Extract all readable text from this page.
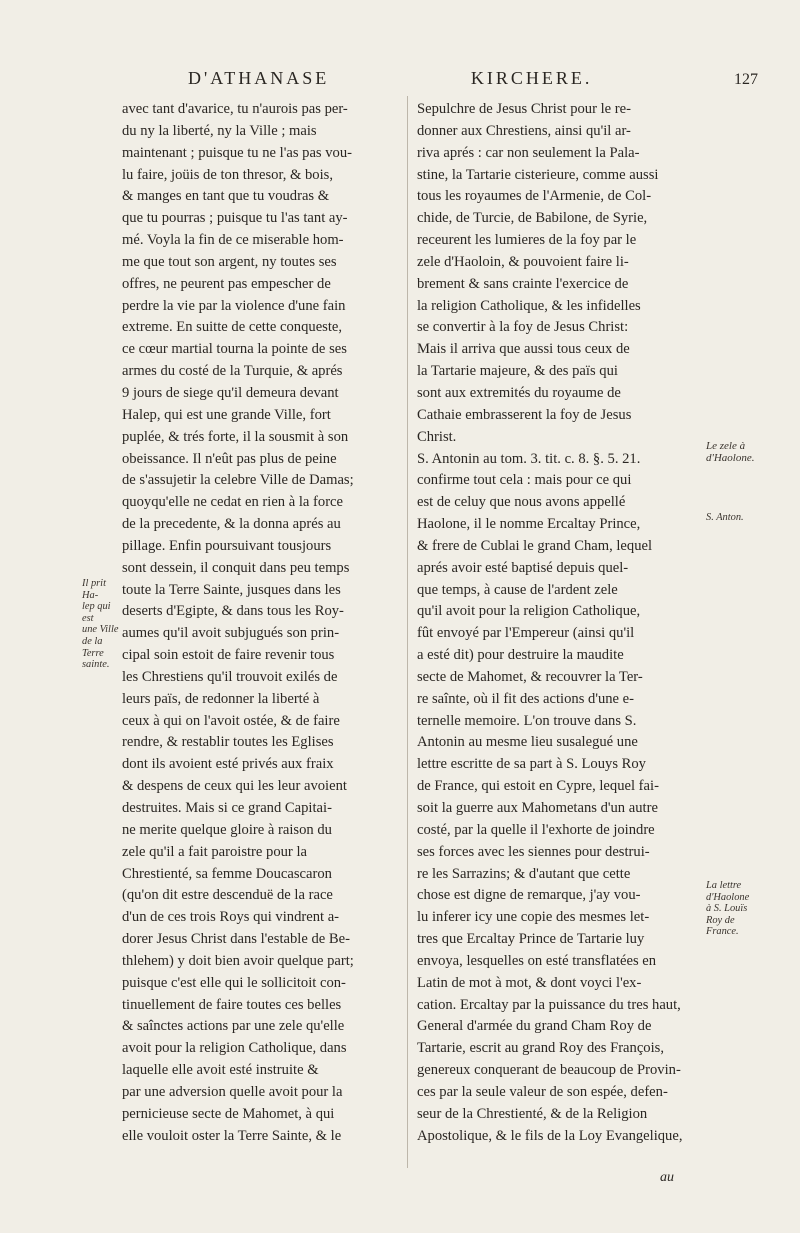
D'ATHANASE	KIRCHERE.	127

avec tant d'avarice, tu n'aurois pas per-
du ny la liberté, ny la Ville ; mais
maintenant ; puisque tu ne l'as pas vou-
lu faire, joüis de ton thresor, & bois,
& manges en tant que tu voudras &
que tu pourras ; puisque tu l'as tant ay-
mé. Voyla la fin de ce miserable hom-
me que tout son argent, ny toutes ses
offres, ne peurent pas empescher de
perdre la vie par la violence d'une fain
extreme. En suitte de cette conqueste,
ce cœur martial tourna la pointe de ses
armes du costé de la Turquie, & aprés
9 jours de siege qu'il demeura devant
Halep, qui est une grande Ville, fort
puplée, & trés forte, il la sousmit à son
obeissance. Il n'eût pas plus de peine
de s'assujetir la celebre Ville de Damas;
quoyqu'elle ne cedat en rien à la force
de la precedente, & la donna aprés au
pillage. Enfin poursuivant tousjours
sont dessein, il conquit dans peu temps
toute la Terre Sainte, jusques dans les
deserts d'Egipte, & dans tous les Roy-
aumes qu'il avoit subjugués son prin-
cipal soin estoit de faire revenir tous
les Chrestiens qu'il trouvoit exilés de
leurs païs, de redonner la liberté à
ceux à qui on l'avoit ostée, & de faire
rendre, & restablir toutes les Eglises
dont ils avoient esté privés aux fraix
& despens de ceux qui les leur avoient
destruites. Mais si ce grand Capitai-
ne merite quelque gloire à raison du
zele qu'il a fait paroistre pour la
Chrestienté, sa femme Doucascaron
(qu'on dit estre descenduë de la race
d'un de ces trois Roys qui vindrent a-
dorer Jesus Christ dans l'estable de Be-
thlehem) y doit bien avoir quelque part;
puisque c'est elle qui le sollicitoit con-
tinuellement de faire toutes ces belles
& saînctes actions par une zele qu'elle
avoit pour la religion Catholique, dans
laquelle elle avoit esté instruite &
par une adversion quelle avoit pour la
pernicieuse secte de Mahomet, à qui
elle vouloit oster la Terre Sainte, & le

Sepulchre de Jesus Christ pour le re-
donner aux Chrestiens, ainsi qu'il ar-
riva aprés : car non seulement la Pala-
stine, la Tartarie cisterieure, comme aussi
tous les royaumes de l'Armenie, de Col-
chide, de Turcie, de Babilone, de Syrie,
receurent les lumieres de la foy par le
zele d'Haoloin, & pouvoient faire li-
brement & sans crainte l'exercice de
la religion Catholique, & les infidelles
se convertir à la foy de Jesus Christ:
Mais il arriva que aussi tous ceux de
la Tartarie majeure, & des païs qui
sont aux extremités du royaume de
Cathaie embrasserent la foy de Jesus
Christ.
S. Antonin au tom. 3. tit. c. 8. §. 5. 21.
confirme tout cela : mais pour ce qui
est de celuy que nous avons appellé
Haolone, il le nomme Ercaltay Prince,
& frere de Cublai le grand Cham, lequel
aprés avoir esté baptisé depuis quel-
que temps, à cause de l'ardent zele
qu'il avoit pour la religion Catholique,
fût envoyé par l'Empereur (ainsi qu'il
a esté dit) pour destruire la maudite
secte de Mahomet, & recouvrer la Ter-
re saînte, où il fit des actions d'une e-
ternelle memoire. L'on trouve dans S.
Antonin au mesme lieu susalegué une
lettre escritte de sa part à S. Louys Roy
de France, qui estoit en Cypre, lequel fai-
soit la guerre aux Mahometans d'un autre
costé, par la quelle il l'exhorte de joindre
ses forces avec les siennes pour destrui-
re les Sarrazins; & d'autant que cette
chose est digne de remarque, j'ay vou-
lu inferer icy une copie des mesmes let-
tres que Ercaltay Prince de Tartarie luy
envoya, lesquelles on esté transflatées en
Latin de mot à mot, & dont voyci l'ex-
cation. Ercaltay par la puissance du tres haut,
General d'armée du grand Cham Roy de
Tartarie, escrit au grand Roy des François,
genereux conquerant de beaucoup de Provin-
ces par la seule valeur de son espée, defen-
seur de la Chrestienté, & de la Religion
Apostolique, & le fils de la Loy Evangelique,

Il prit Ha-
lep qui est
une Ville
de la Terre
sainte.
S. Anton.
Le zele à
d'Haolone.
La lettre
d'Haolone
à S. Louïs
Roy de
France.
au
